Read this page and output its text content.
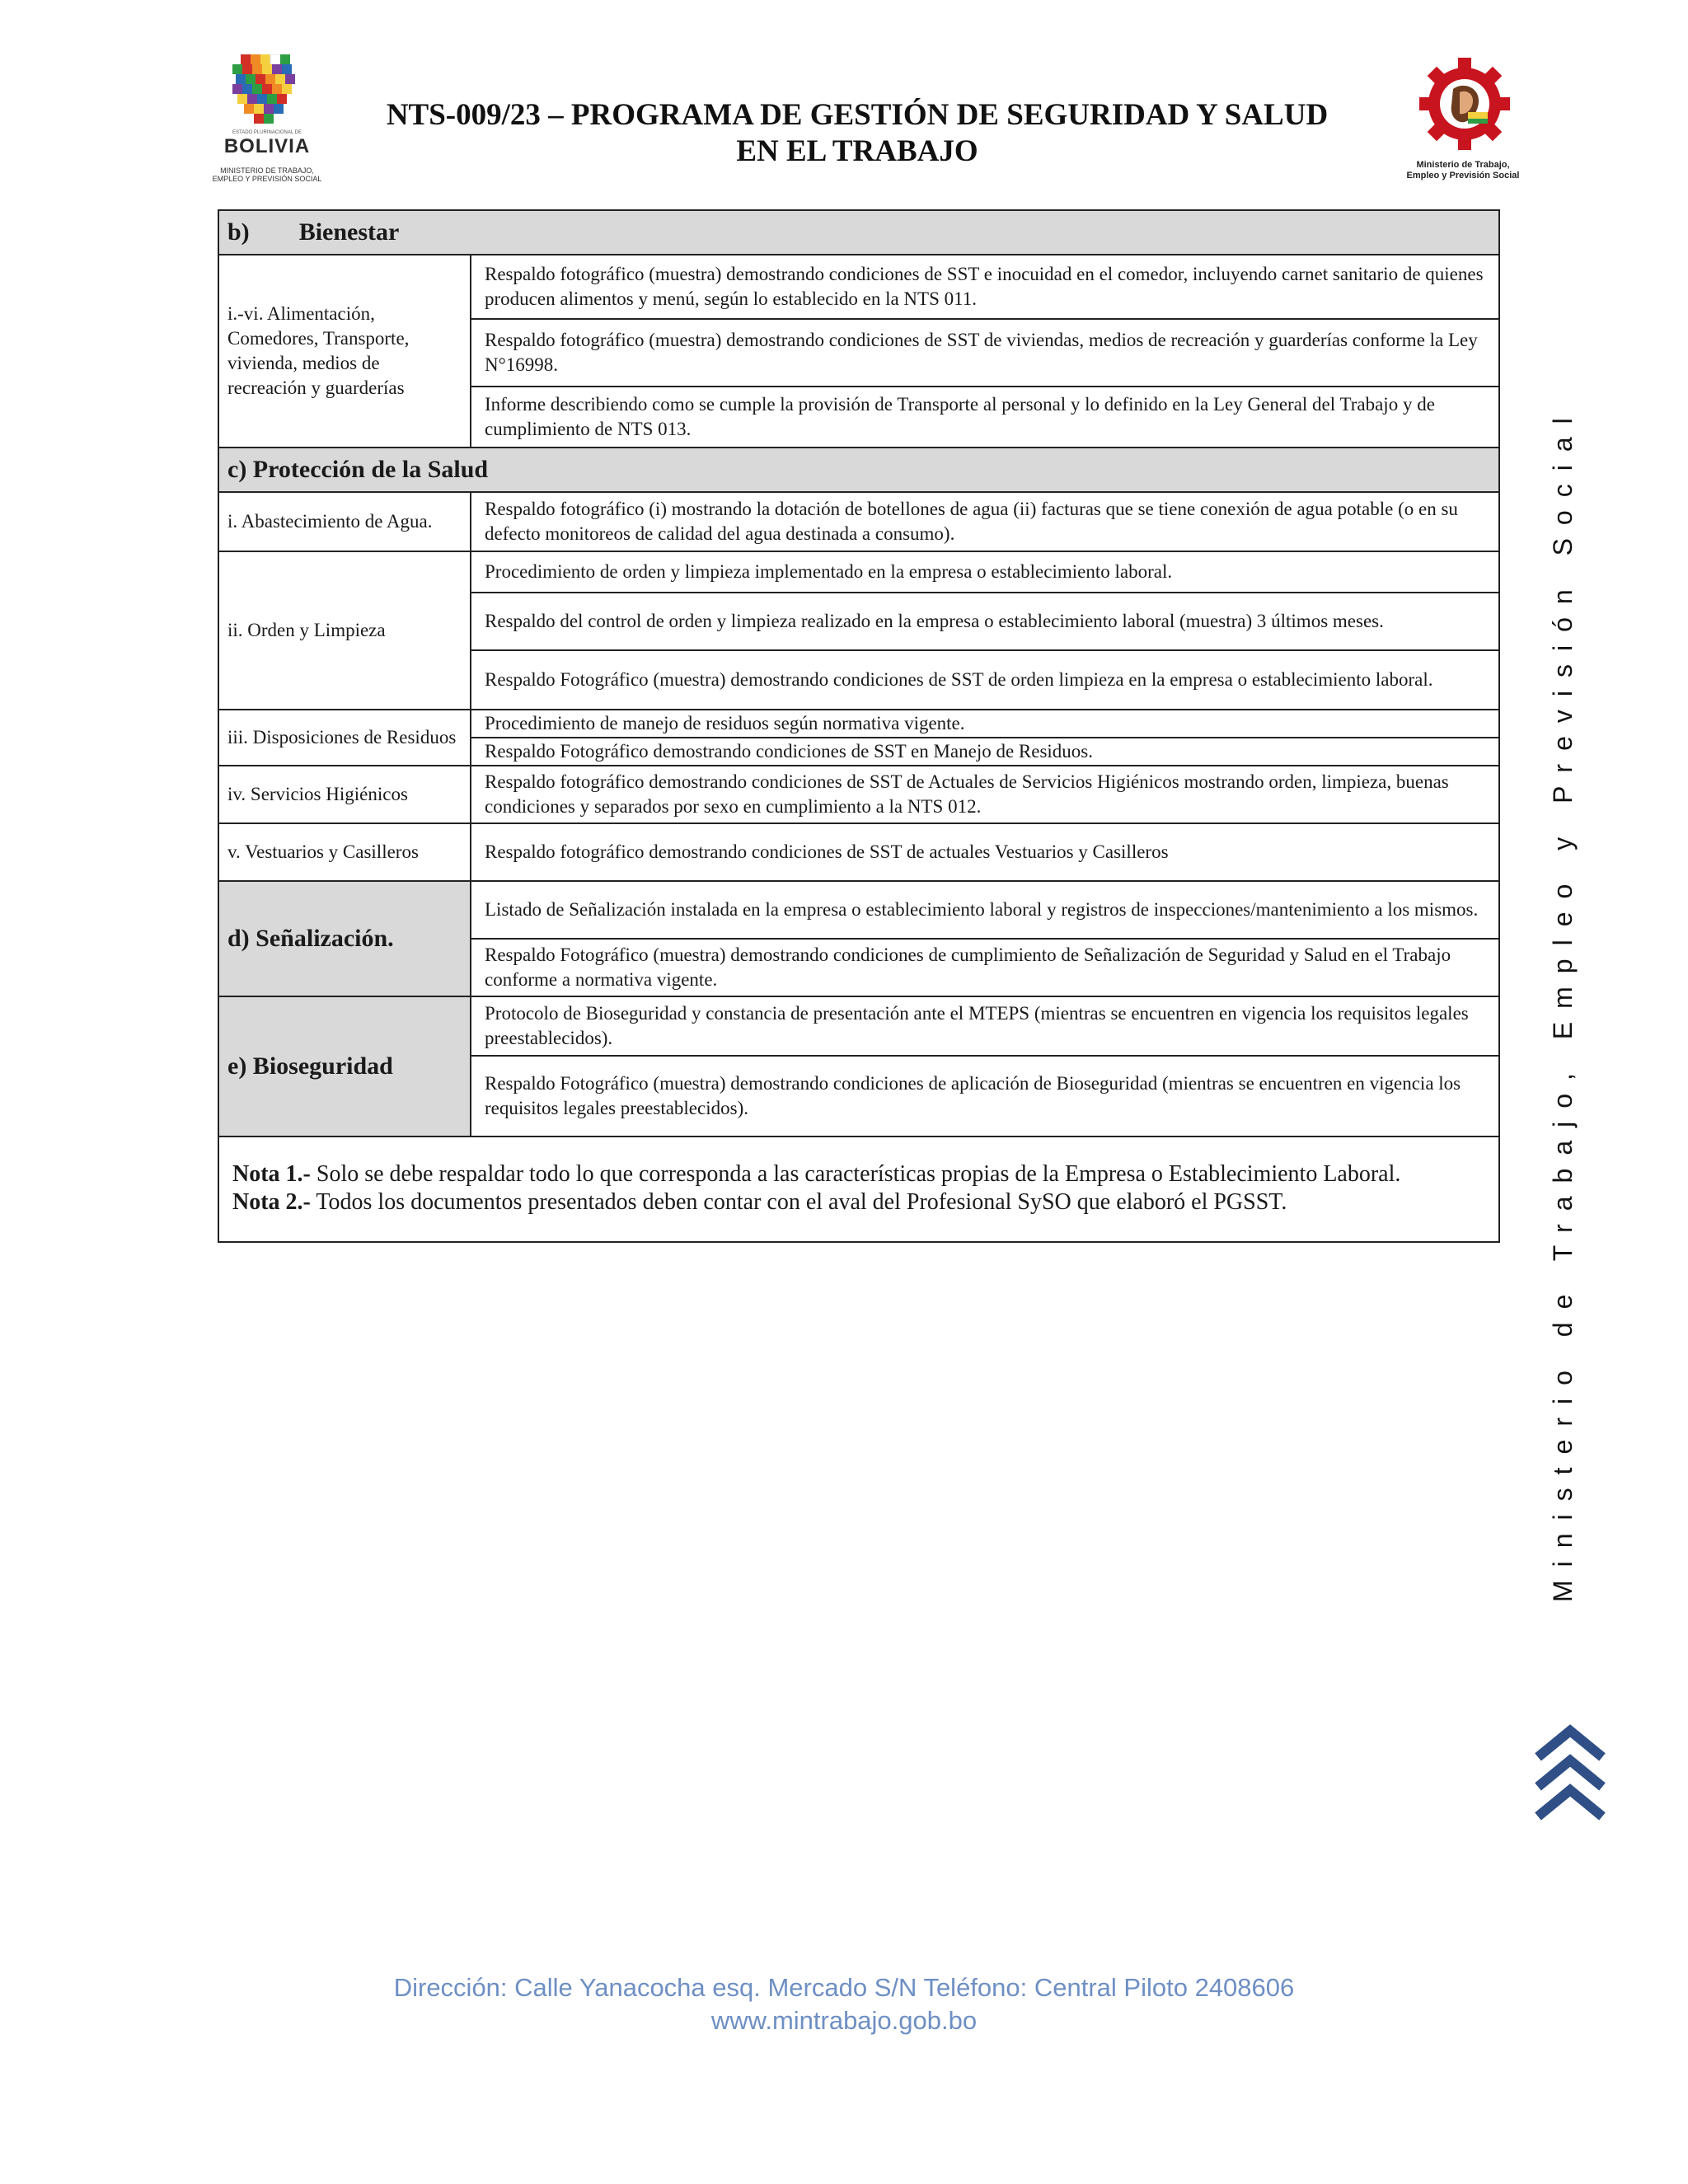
ESTADO PLURINACIONAL DE
BOLIVIA
MINISTERIO DE TRABAJO,
EMPLEO Y PREVISIÓN SOCIAL
NTS-009/23 – PROGRAMA DE GESTIÓN DE SEGURIDAD Y SALUD
EN EL TRABAJO	Ministerio de Trabajo,
Empleo y Previsión Social
b) Bienestar	
i.-vi. Alimentación, Comedores, Transporte, vivienda, medios de recreación y guarderías	Respaldo fotográfico (muestra) demostrando condiciones de SST e inocuidad en el comedor, incluyendo carnet sanitario de quienes producen alimentos y menú, según lo establecido en la NTS 011.
	Respaldo fotográfico (muestra) demostrando condiciones de SST de viviendas, medios de recreación y guarderías conforme la Ley N°16998.
	Informe describiendo como se cumple la provisión de Transporte al personal y lo definido en la Ley General del Trabajo y de cumplimiento de NTS 013.
c) Protección de la Salud	
i. Abastecimiento de Agua.	Respaldo fotográfico (i) mostrando la dotación de botellones de agua (ii) facturas que se tiene conexión de agua potable (o en su defecto monitoreos de calidad del agua destinada a consumo).
ii. Orden y Limpieza	Procedimiento de orden y limpieza implementado en la empresa o establecimiento laboral.
	Respaldo del control de orden y limpieza realizado en la empresa o establecimiento laboral (muestra) 3 últimos meses.
	Respaldo Fotográfico (muestra) demostrando condiciones de SST de orden limpieza en la empresa o establecimiento laboral.
iii. Disposiciones de Residuos	Procedimiento de manejo de residuos según normativa vigente.
	Respaldo Fotográfico demostrando condiciones de SST en Manejo de Residuos.
iv. Servicios Higiénicos	Respaldo fotográfico demostrando condiciones de SST de Actuales de Servicios Higiénicos mostrando orden, limpieza, buenas condiciones y separados por sexo en cumplimiento a la NTS 012.
v. Vestuarios y Casilleros	Respaldo fotográfico demostrando condiciones de SST de actuales Vestuarios y Casilleros
d) Señalización.	Listado de Señalización instalada en la empresa o establecimiento laboral y registros de inspecciones/mantenimiento a los mismos.
	Respaldo Fotográfico (muestra) demostrando condiciones de cumplimiento de Señalización de Seguridad y Salud en el Trabajo conforme a normativa vigente.
e) Bioseguridad	Protocolo de Bioseguridad y constancia de presentación ante el MTEPS (mientras se encuentren en vigencia los requisitos legales preestablecidos).
	Respaldo Fotográfico (muestra) demostrando condiciones de aplicación de Bioseguridad (mientras se encuentren en vigencia los requisitos legales preestablecidos).

Nota 1.- Solo se debe respaldar todo lo que corresponda a las características propias de la Empresa o Establecimiento Laboral.
Nota 2.- Todos los documentos presentados deben contar con el aval del Profesional SySO que elaboró el PGSST.		Ministerio de Trabajo, Empleo y Previsión Social
Dirección: Calle Yanacocha esq. Mercado S/N Teléfono: Central Piloto 2408606
www.mintrabajo.gob.bo
